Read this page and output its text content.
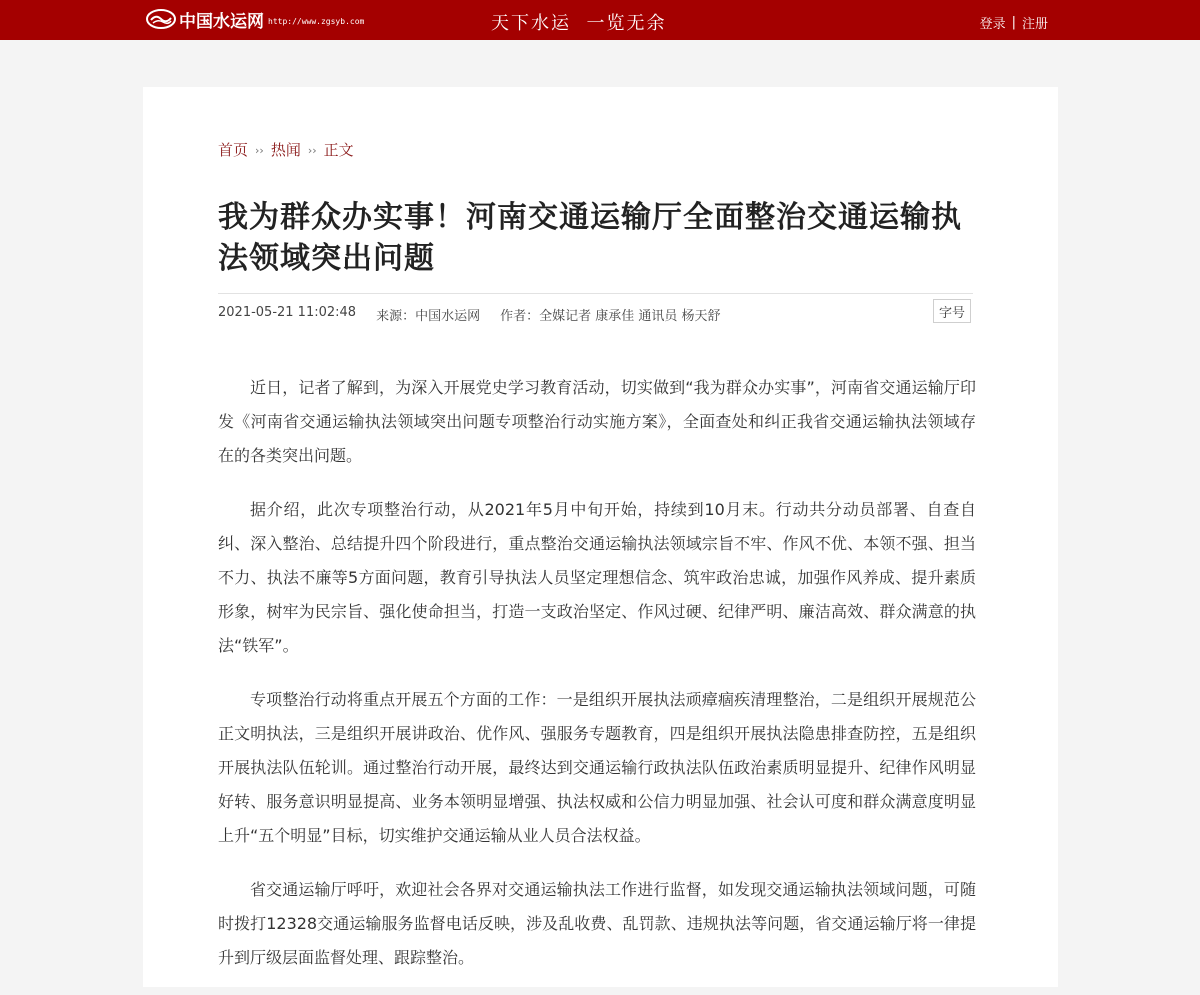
中国水运网 http://www.zgsyb.com	天下水运  一览无余	登录 | 注册
首页 ›› 热闻 ›› 正文
我为群众办实事！河南交通运输厅全面整治交通运输执法领域突出问题
2021-05-21 11:02:48 来源：中国水运网 作者：全媒记者 康承佳 通讯员 杨天舒	字号

近日，记者了解到，为深入开展党史学习教育活动，切实做到“我为群众办实事”，河南省交通运输厅印发《河南省交通运输执法领域突出问题专项整治行动实施方案》，全面查处和纠正我省交通运输执法领域存在的各类突出问题。

据介绍，此次专项整治行动，从2021年5月中旬开始，持续到10月末。行动共分动员部署、自查自纠、深入整治、总结提升四个阶段进行，重点整治交通运输执法领域宗旨不牢、作风不优、本领不强、担当不力、执法不廉等5方面问题，教育引导执法人员坚定理想信念、筑牢政治忠诚，加强作风养成、提升素质形象，树牢为民宗旨、强化使命担当，打造一支政治坚定、作风过硬、纪律严明、廉洁高效、群众满意的执法“铁军”。

专项整治行动将重点开展五个方面的工作：一是组织开展执法顽瘴痼疾清理整治，二是组织开展规范公正文明执法，三是组织开展讲政治、优作风、强服务专题教育，四是组织开展执法隐患排查防控，五是组织开展执法队伍轮训。通过整治行动开展，最终达到交通运输行政执法队伍政治素质明显提升、纪律作风明显好转、服务意识明显提高、业务本领明显增强、执法权威和公信力明显加强、社会认可度和群众满意度明显上升“五个明显”目标，切实维护交通运输从业人员合法权益。

省交通运输厅呼吁，欢迎社会各界对交通运输执法工作进行监督，如发现交通运输执法领域问题，可随时拨打12328交通运输服务监督电话反映，涉及乱收费、乱罚款、违规执法等问题，省交通运输厅将一律提升到厅级层面监督处理、跟踪整治。
